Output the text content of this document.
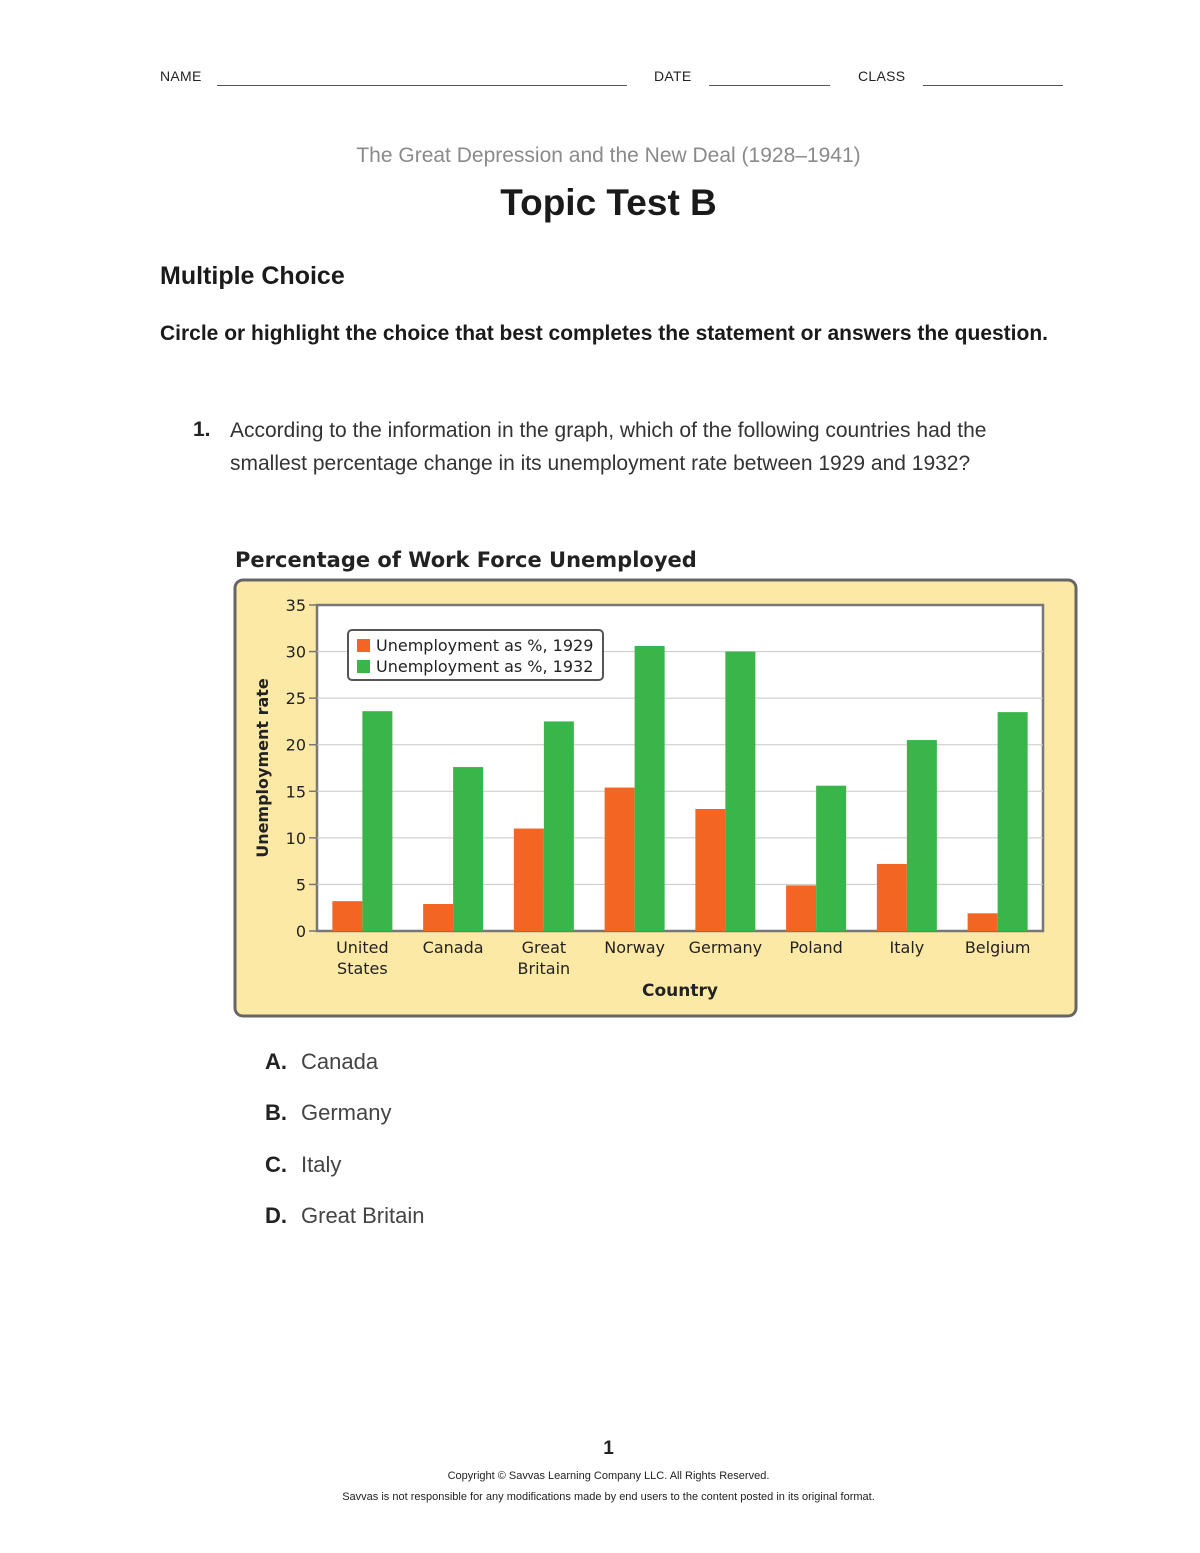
NAME	DATE	CLASS
The Great Depression and the New Deal (1928–1941)
Topic Test B
Multiple Choice
Circle or highlight the choice that best completes the statement or answers the question.
1. According to the information in the graph, which of the following countries had the smallest percentage change in its unemployment rate between 1929 and 1932?
Percentage of Work Force Unemployed
0
5
10
15
20
25
30
35
United
States
Canada Great
Britain
Norway Germany Poland	Italy	Belgium
Unemployment rate
Country
Unemployment as %, 1929
Unemployment as %, 1932
A. Canada
B. Germany
C. Italy
D. Great Britain
1
Copyright © Savvas Learning Company LLC. All Rights Reserved.
Savvas is not responsible for any modifications made by end users to the content posted in its original format.
